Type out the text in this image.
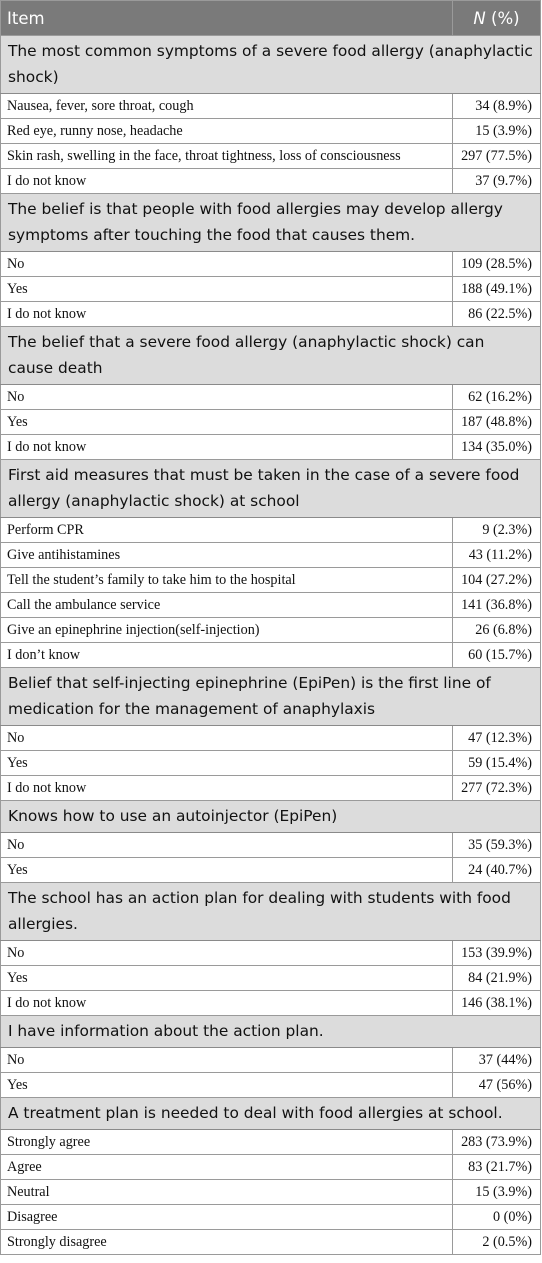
Item	N (%)
The most common symptoms of a severe food allergy (anaphylactic shock)	
Nausea, fever, sore throat, cough	34 (8.9%)
Red eye, runny nose, headache	15 (3.9%)
Skin rash, swelling in the face, throat tightness, loss of consciousness	297 (77.5%)
I do not know	37 (9.7%)
The belief is that people with food allergies may develop allergy symptoms after touching the food that causes them.	
No	109 (28.5%)
Yes	188 (49.1%)
I do not know	86 (22.5%)
The belief that a severe food allergy (anaphylactic shock) can cause death	
No	62 (16.2%)
Yes	187 (48.8%)
I do not know	134 (35.0%)
First aid measures that must be taken in the case of a severe food allergy (anaphylactic shock) at school	
Perform CPR	9 (2.3%)
Give antihistamines	43 (11.2%)
Tell the student’s family to take him to the hospital	104 (27.2%)
Call the ambulance service	141 (36.8%)
Give an epinephrine injection(self-injection)	26 (6.8%)
I don’t know	60 (15.7%)
Belief that self-injecting epinephrine (EpiPen) is the first line of medication for the management of anaphylaxis	
No	47 (12.3%)
Yes	59 (15.4%)
I do not know	277 (72.3%)
Knows how to use an autoinjector (EpiPen)	
No	35 (59.3%)
Yes	24 (40.7%)
The school has an action plan for dealing with students with food allergies.	
No	153 (39.9%)
Yes	84 (21.9%)
I do not know	146 (38.1%)
I have information about the action plan.	
No	37 (44%)
Yes	47 (56%)
A treatment plan is needed to deal with food allergies at school.	
Strongly agree	283 (73.9%)
Agree	83 (21.7%)
Neutral	15 (3.9%)
Disagree	0 (0%)
Strongly disagree	2 (0.5%)
